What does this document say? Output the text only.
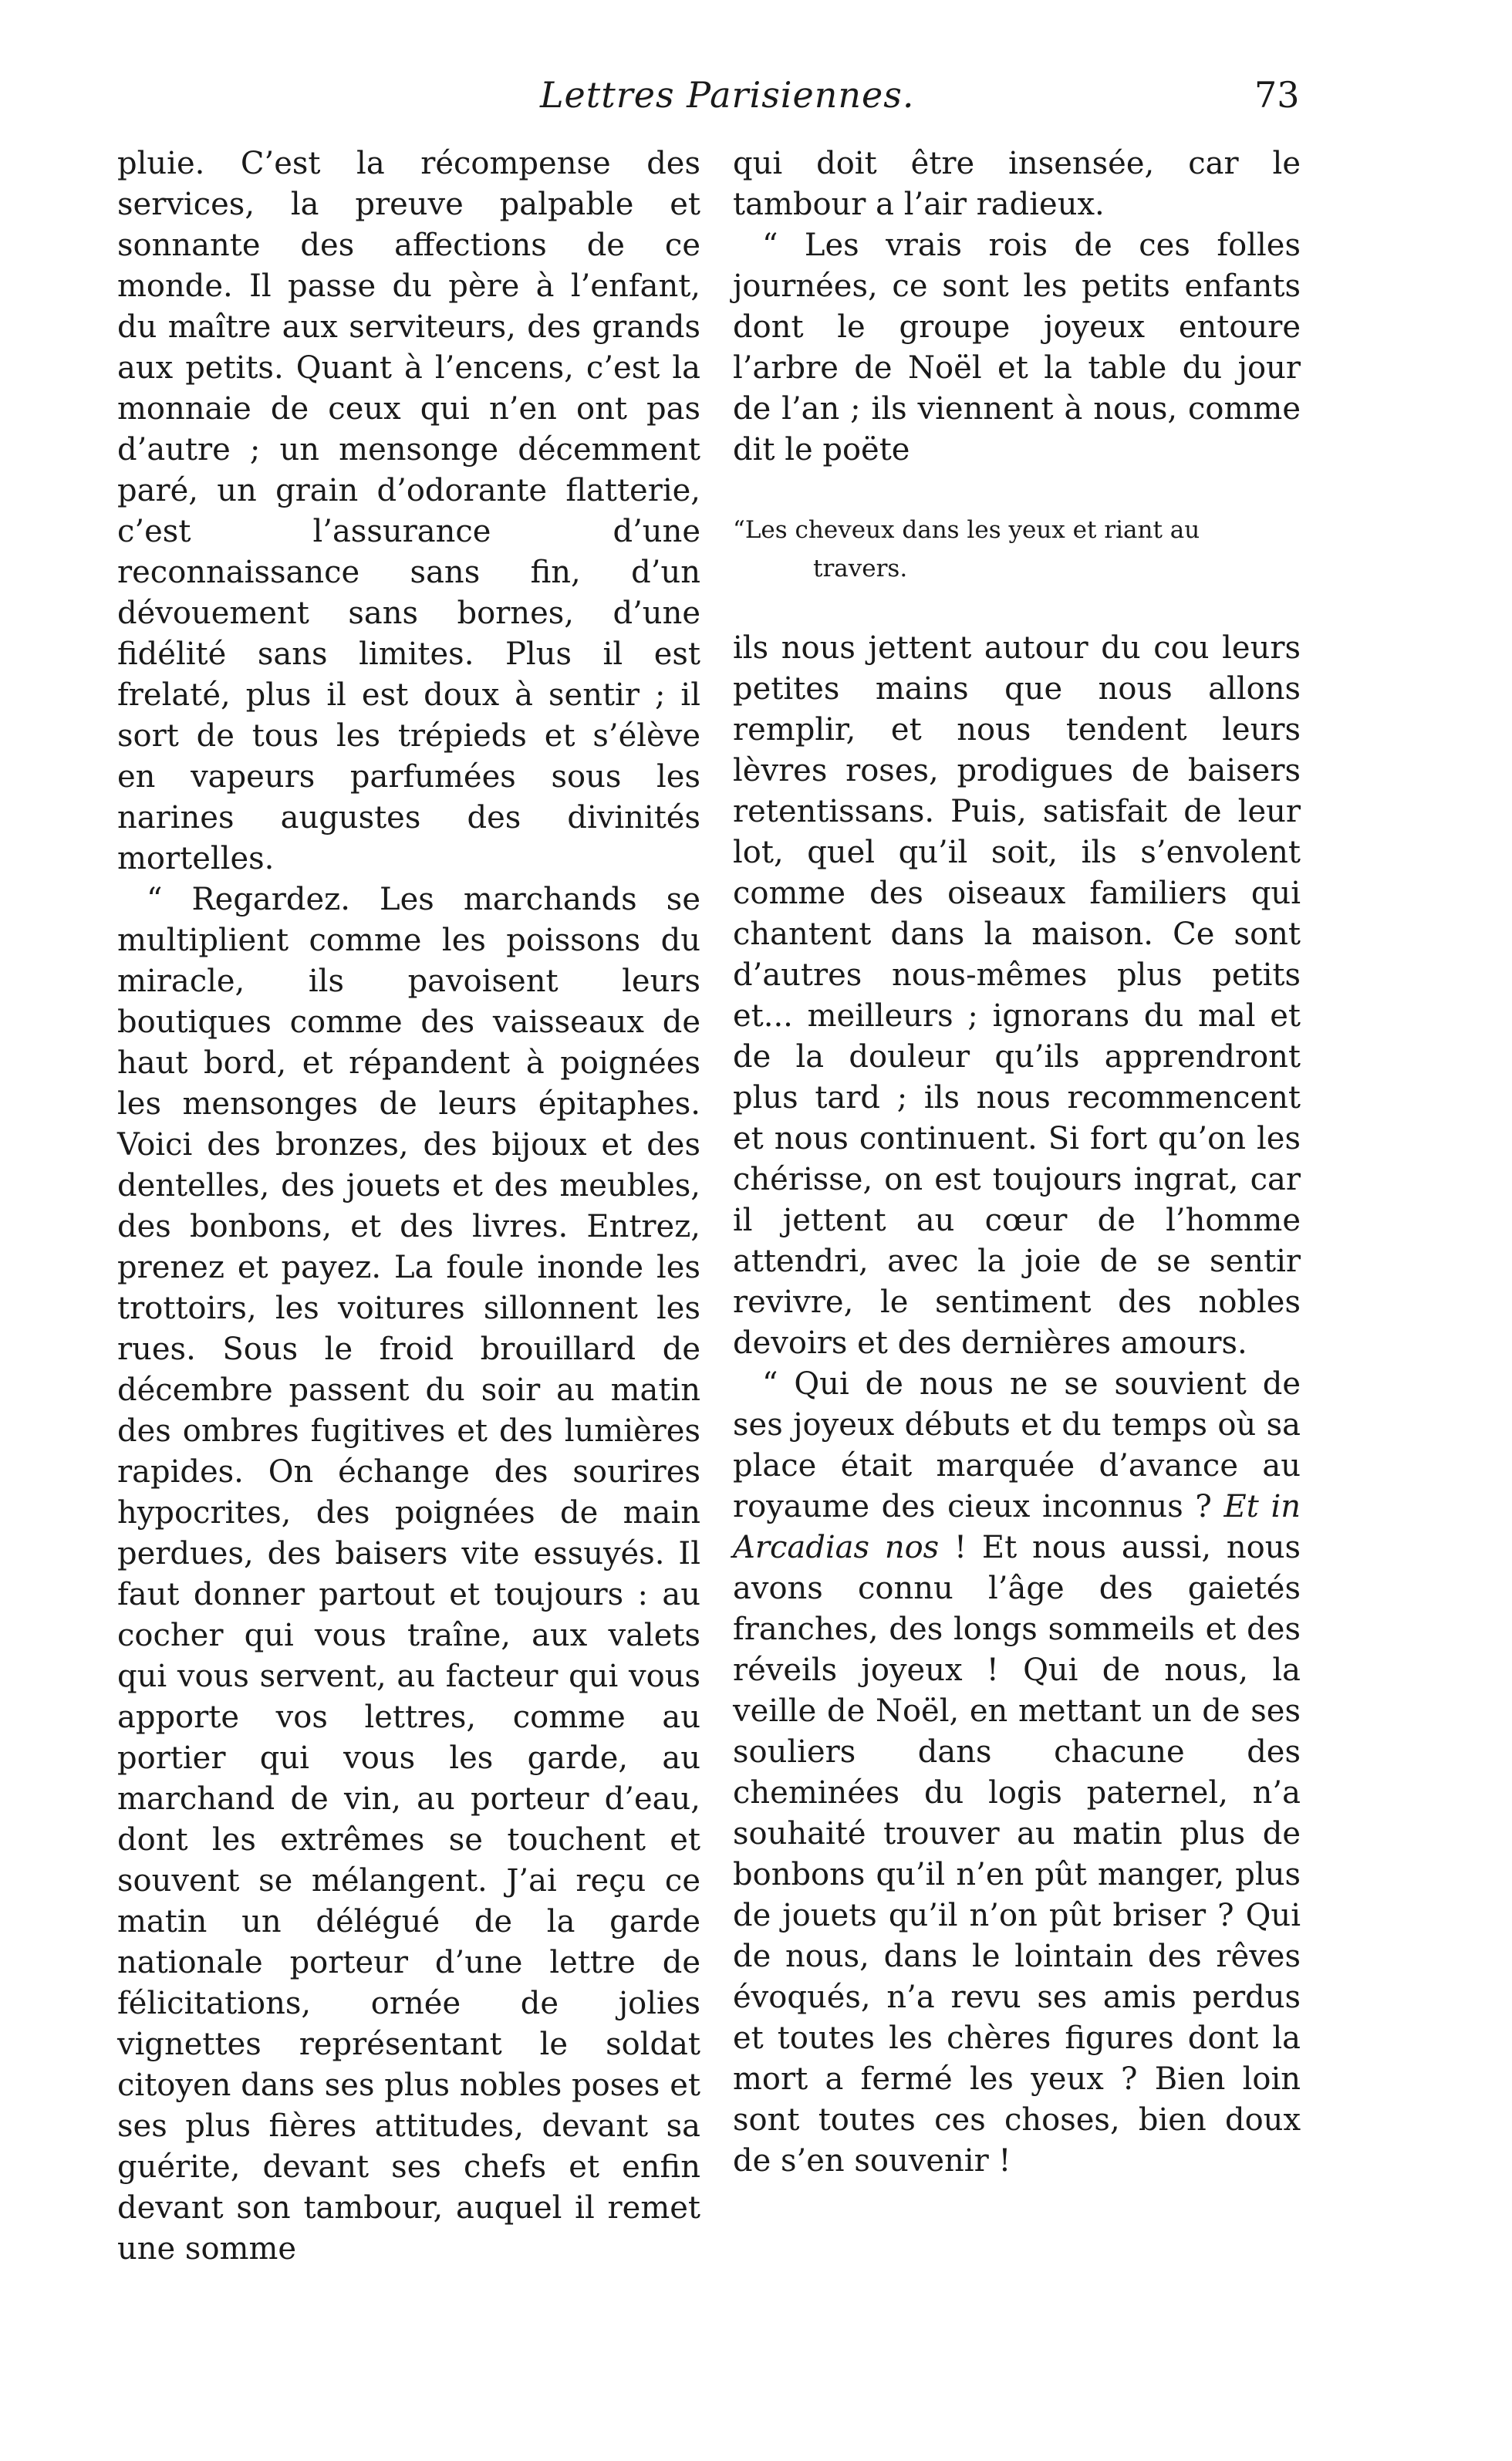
Lettres Parisiennes.	73

pluie. C’est la récompense des services, la preuve palpable et sonnante des affections de ce monde. Il passe du père à l’enfant, du maître aux serviteurs, des grands aux petits. Quant à l’encens, c’est la monnaie de ceux qui n’en ont pas d’autre ; un mensonge décemment paré, un grain d’odorante flatterie, c’est l’assurance d’une reconnaissance sans fin, d’un dévouement sans bornes, d’une fidélité sans limites. Plus il est frelaté, plus il est doux à sentir ; il sort de tous les trépieds et s’élève en vapeurs parfumées sous les narines augustes des divinités mortelles.

“ Regardez. Les marchands se multiplient comme les poissons du miracle, ils pavoisent leurs boutiques comme des vaisseaux de haut bord, et répandent à poignées les mensonges de leurs épitaphes. Voici des bronzes, des bijoux et des dentelles, des jouets et des meubles, des bonbons, et des livres. Entrez, prenez et payez. La foule inonde les trottoirs, les voitures sillonnent les rues. Sous le froid brouillard de décembre passent du soir au matin des ombres fugitives et des lumières rapides. On échange des sourires hypocrites, des poignées de main perdues, des baisers vite essuyés. Il faut donner partout et toujours : au cocher qui vous traîne, aux valets qui vous servent, au facteur qui vous apporte vos lettres, comme au portier qui vous les garde, au marchand de vin, au porteur d’eau, dont les extrêmes se touchent et souvent se mélangent. J’ai reçu ce matin un délégué de la garde nationale porteur d’une lettre de félicitations, ornée de jolies vignettes représentant le soldat citoyen dans ses plus nobles poses et ses plus fières attitudes, devant sa guérite, devant ses chefs et enfin devant son tambour, auquel il remet une somme

qui doit être insensée, car le tambour a l’air radieux.

“ Les vrais rois de ces folles journées, ce sont les petits enfants dont le groupe joyeux entoure l’arbre de Noël et la table du jour de l’an ; ils viennent à nous, comme dit le poëte

“Les cheveux dans les yeux et riant au
travers.

ils nous jettent autour du cou leurs petites mains que nous allons remplir, et nous tendent leurs lèvres roses, prodigues de baisers retentissans. Puis, satisfait de leur lot, quel qu’il soit, ils s’envolent comme des oiseaux familiers qui chantent dans la maison. Ce sont d’autres nous-mêmes plus petits et... meilleurs ; ignorans du mal et de la douleur qu’ils apprendront plus tard ; ils nous recommencent et nous continuent. Si fort qu’on les chérisse, on est toujours ingrat, car il jettent au cœur de l’homme attendri, avec la joie de se sentir revivre, le sentiment des nobles devoirs et des dernières amours.

“ Qui de nous ne se souvient de ses joyeux débuts et du temps où sa place était marquée d’avance au royaume des cieux inconnus ? Et in Arcadias nos ! Et nous aussi, nous avons connu l’âge des gaietés franches, des longs sommeils et des réveils joyeux ! Qui de nous, la veille de Noël, en mettant un de ses souliers dans chacune des cheminées du logis paternel, n’a souhaité trouver au matin plus de bonbons qu’il n’en pût manger, plus de jouets qu’il n’on pût briser ? Qui de nous, dans le lointain des rêves évoqués, n’a revu ses amis perdus et toutes les chères figures dont la mort a fermé les yeux ? Bien loin sont toutes ces choses, bien doux de s’en souvenir !
